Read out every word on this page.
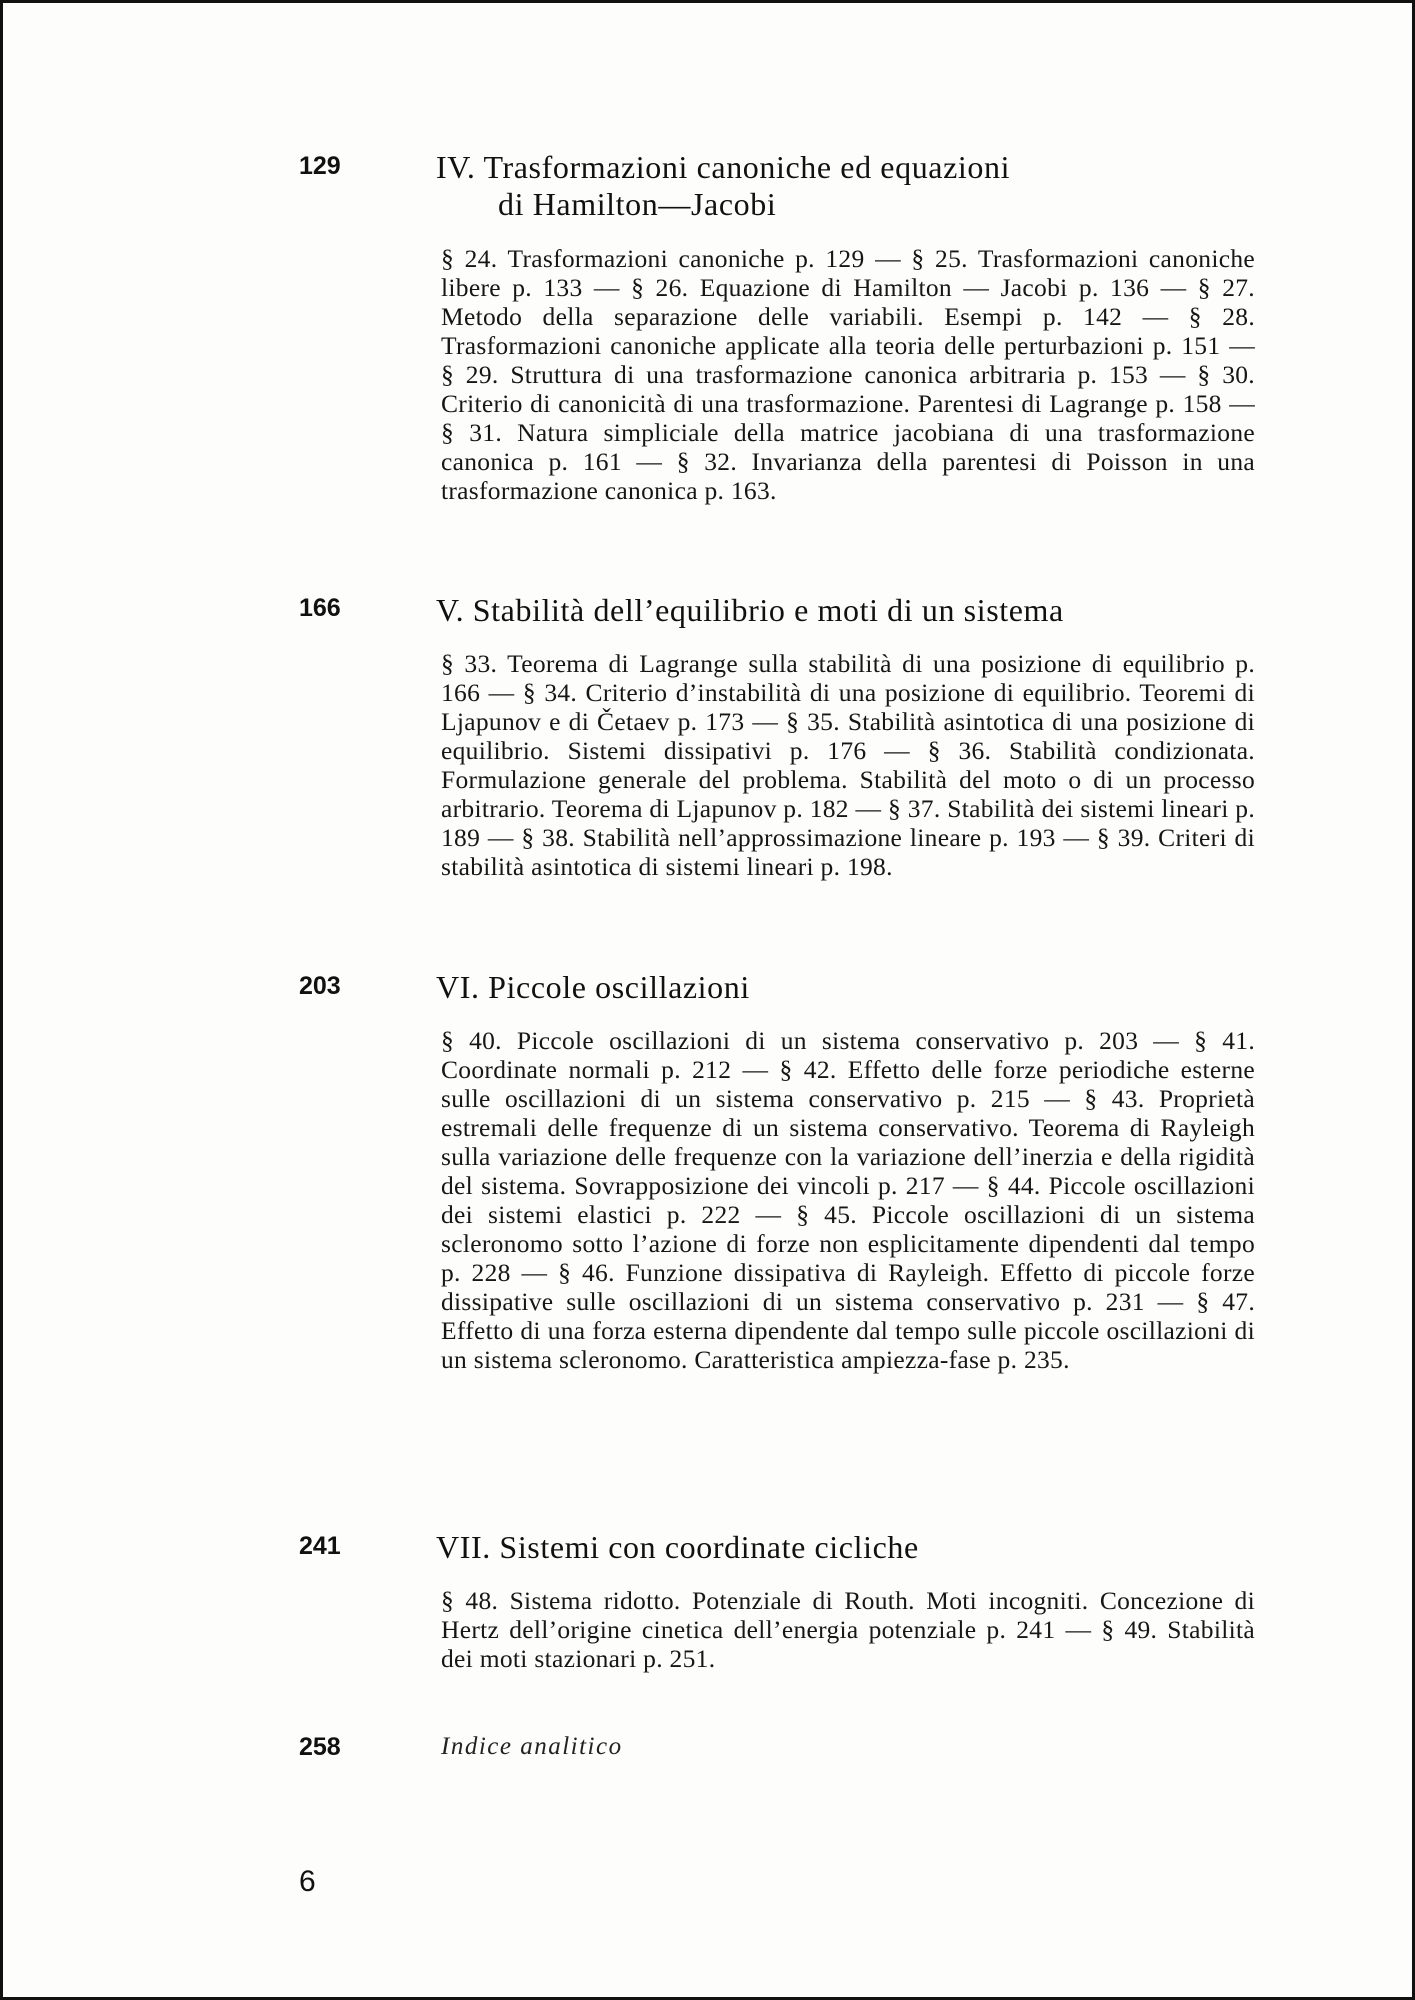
129	IV. Trasformazioni canoniche ed equazioni
di Hamilton—Jacobi
§ 24. Trasformazioni canoniche p. 129 — § 25. Trasformazioni canoniche libere p. 133 — § 26. Equazione di Hamilton — Jacobi p. 136 — § 27. Metodo della separazione delle variabili. Esempi p. 142 — § 28. Trasformazioni canoniche applicate alla teoria delle perturbazioni p. 151 — § 29. Struttura di una trasformazione canonica arbitraria p. 153 — § 30. Criterio di canonicità di una trasformazione. Parentesi di Lagrange p. 158 — § 31. Natura simpliciale della matrice jacobiana di una trasformazione canonica p. 161 — § 32. Invarianza della parentesi di Poisson in una trasformazione canonica p. 163.
166	V. Stabilità dell’equilibrio e moti di un sistema
§ 33. Teorema di Lagrange sulla stabilità di una posizione di equilibrio p. 166 — § 34. Criterio d’instabilità di una posizione di equilibrio. Teoremi di Ljapunov e di Četaev p. 173 — § 35. Stabilità asintotica di una posizione di equilibrio. Sistemi dissipativi p. 176 — § 36. Stabilità condizionata. Formulazione generale del problema. Stabilità del moto o di un processo arbitrario. Teorema di Ljapunov p. 182 — § 37. Stabilità dei sistemi lineari p. 189 — § 38. Stabilità nell’approssimazione lineare p. 193 — § 39. Criteri di stabilità asintotica di sistemi lineari p. 198.
203	VI. Piccole oscillazioni
§ 40. Piccole oscillazioni di un sistema conservativo p. 203 — § 41. Coordinate normali p. 212 — § 42. Effetto delle forze periodiche esterne sulle oscillazioni di un sistema conservativo p. 215 — § 43. Proprietà estremali delle frequenze di un sistema conservativo. Teorema di Rayleigh sulla variazione delle frequenze con la variazione dell’inerzia e della rigidità del sistema. Sovrapposizione dei vincoli p. 217 — § 44. Piccole oscillazioni dei sistemi elastici p. 222 — § 45. Piccole oscillazioni di un sistema scleronomo sotto l’azione di forze non esplicitamente dipendenti dal tempo p. 228 — § 46. Funzione dissipativa di Rayleigh. Effetto di piccole forze dissipative sulle oscillazioni di un sistema conservativo p. 231 — § 47. Effetto di una forza esterna dipendente dal tempo sulle piccole oscillazioni di un sistema scleronomo. Caratteristica ampiezza-fase p. 235.
241	VII. Sistemi con coordinate cicliche
§ 48. Sistema ridotto. Potenziale di Routh. Moti incogniti. Concezione di Hertz dell’origine cinetica dell’energia potenziale p. 241 — § 49. Stabilità dei moti stazionari p. 251.
258	Indice analitico
6
